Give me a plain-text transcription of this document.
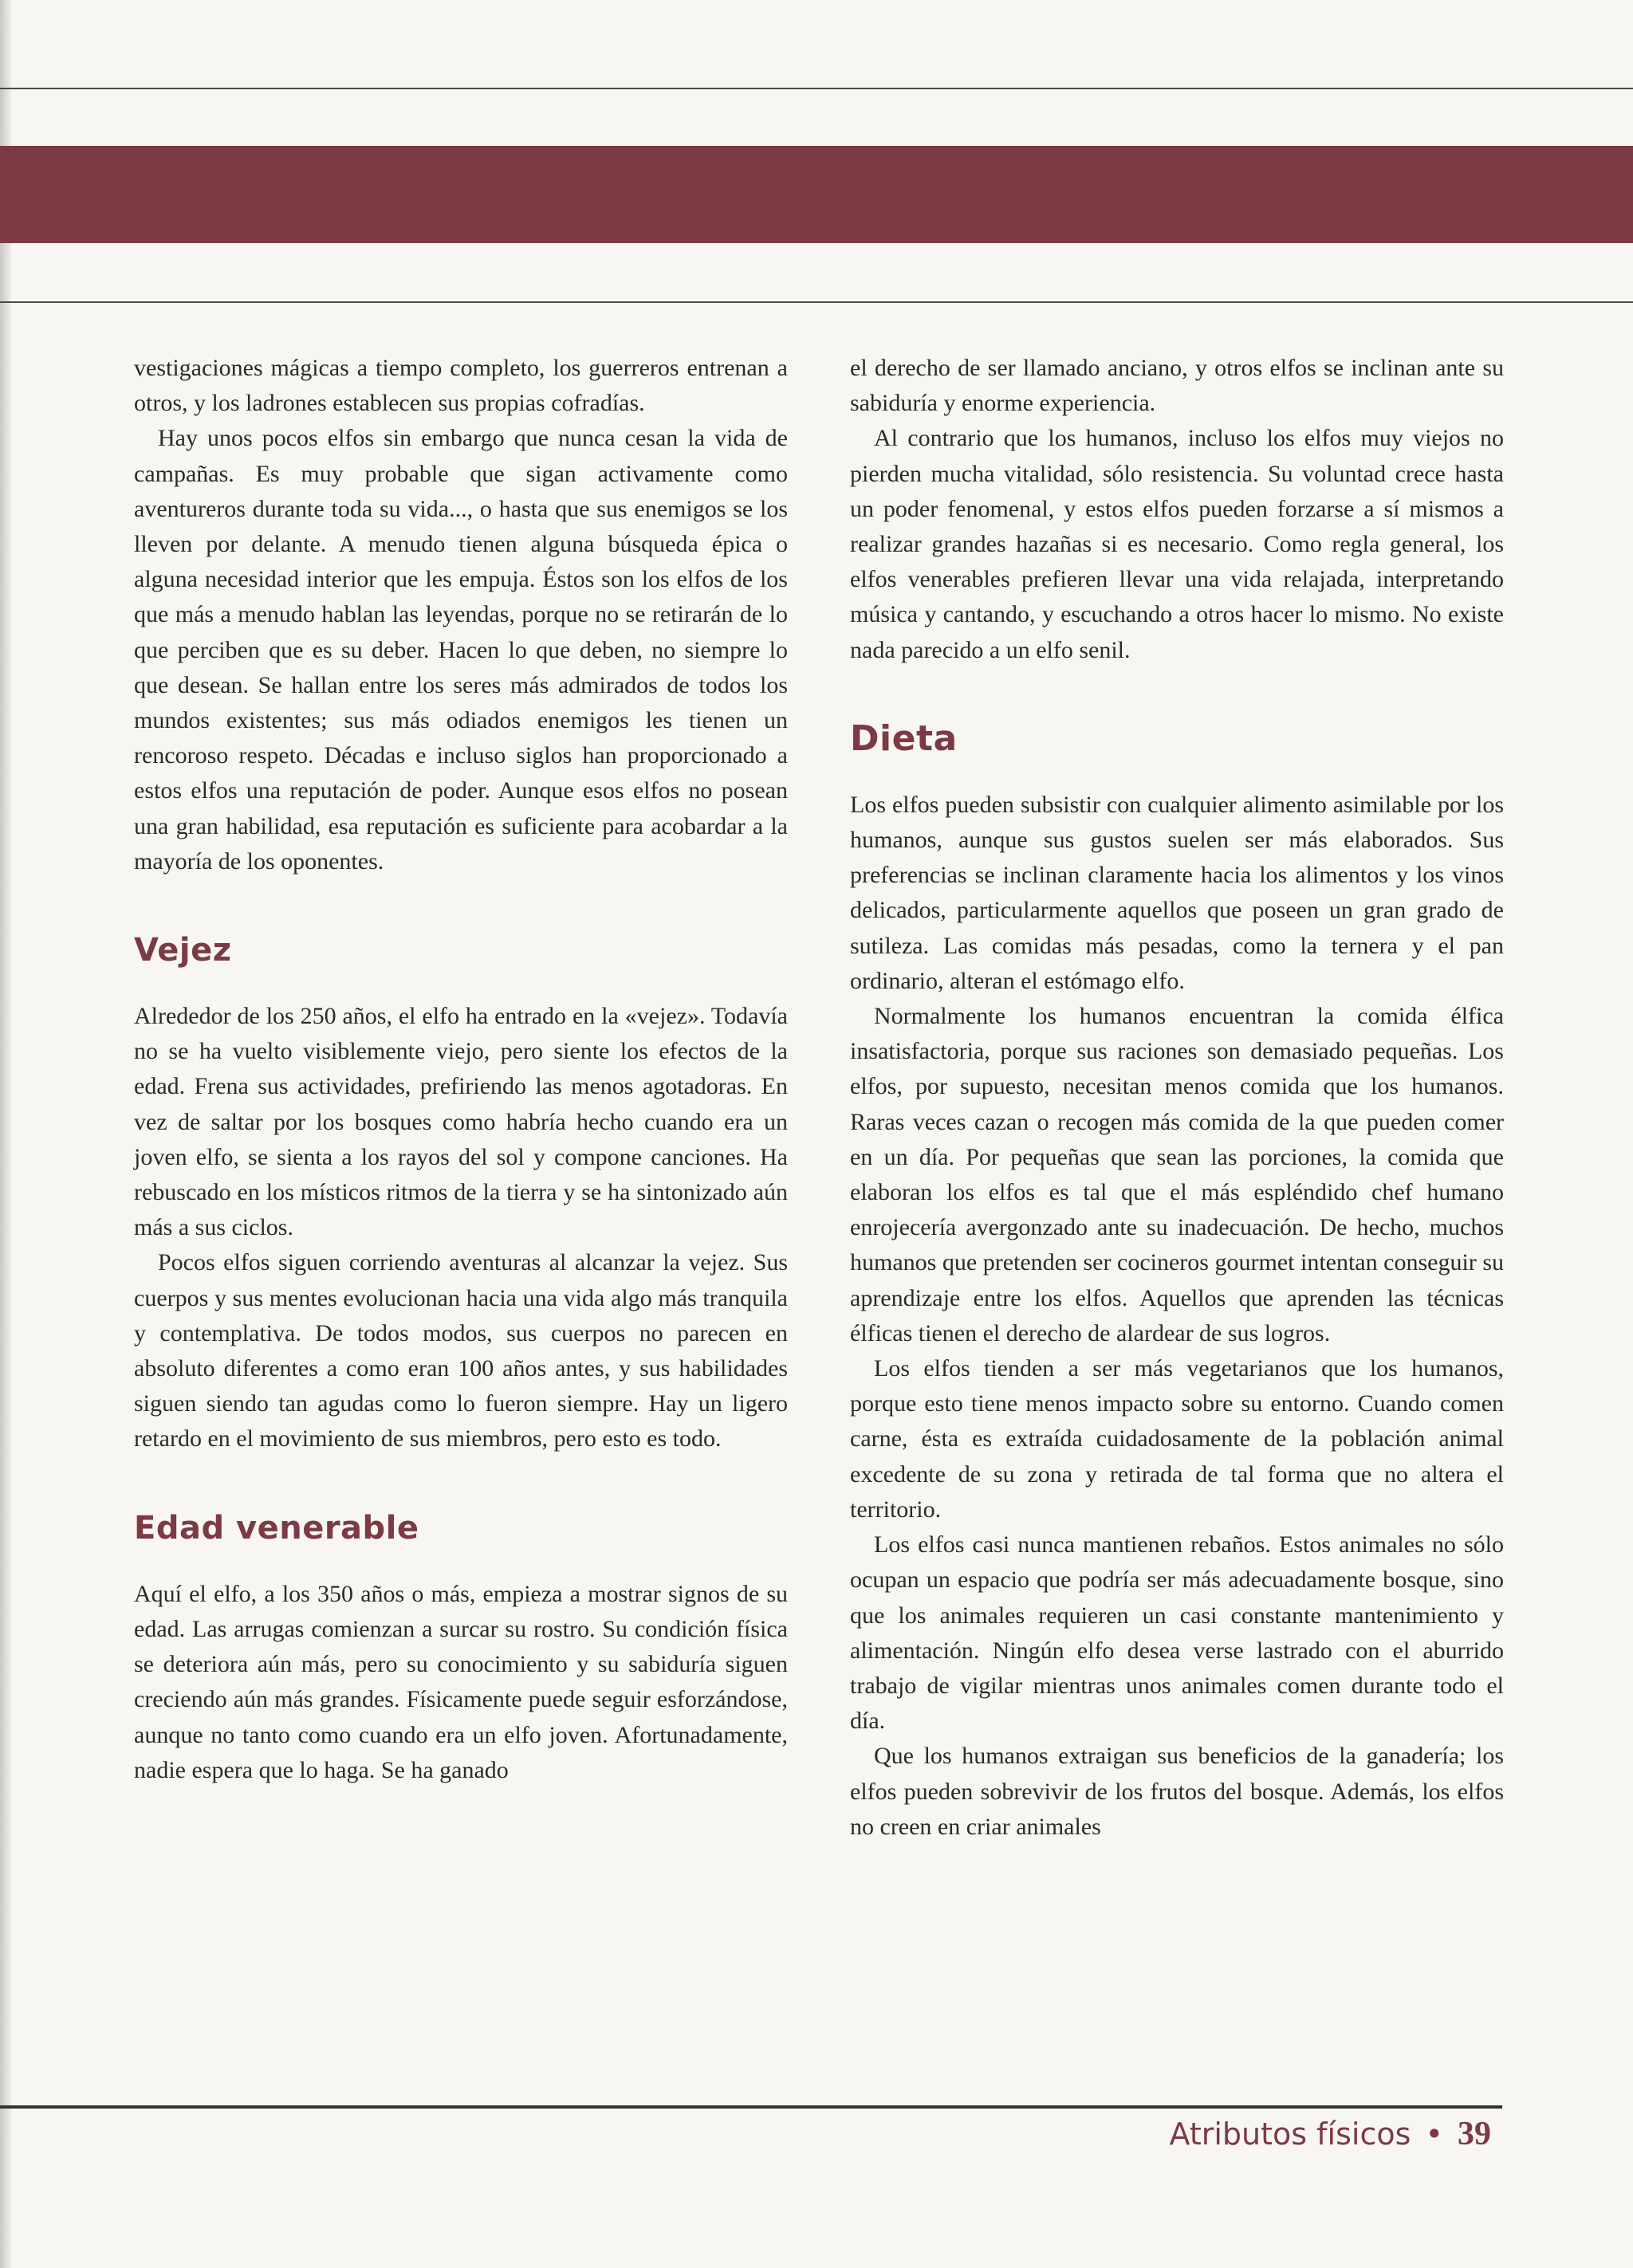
vestigaciones mágicas a tiempo completo, los guerreros entrenan a otros, y los ladrones establecen sus propias cofradías.

Hay unos pocos elfos sin embargo que nunca cesan la vida de campañas. Es muy probable que sigan activamente como aventureros durante toda su vida..., o hasta que sus enemigos se los lleven por delante. A menudo tienen alguna búsqueda épica o alguna necesidad interior que les empuja. Éstos son los elfos de los que más a menudo hablan las leyendas, porque no se retirarán de lo que perciben que es su deber. Hacen lo que deben, no siempre lo que desean. Se hallan entre los seres más admirados de todos los mundos existentes; sus más odiados enemigos les tienen un rencoroso respeto. Décadas e incluso siglos han proporcionado a estos elfos una reputación de poder. Aunque esos elfos no posean una gran habilidad, esa reputación es suficiente para acobardar a la mayoría de los oponentes.

Vejez

Alrededor de los 250 años, el elfo ha entrado en la «vejez». Todavía no se ha vuelto visiblemente viejo, pero siente los efectos de la edad. Frena sus actividades, prefiriendo las menos agotadoras. En vez de saltar por los bosques como habría hecho cuando era un joven elfo, se sienta a los rayos del sol y compone canciones. Ha rebuscado en los místicos ritmos de la tierra y se ha sintonizado aún más a sus ciclos.

Pocos elfos siguen corriendo aventuras al alcanzar la vejez. Sus cuerpos y sus mentes evolucionan hacia una vida algo más tranquila y contemplativa. De todos modos, sus cuerpos no parecen en absoluto diferentes a como eran 100 años antes, y sus habilidades siguen siendo tan agudas como lo fueron siempre. Hay un ligero retardo en el movimiento de sus miembros, pero esto es todo.

Edad venerable

Aquí el elfo, a los 350 años o más, empieza a mostrar signos de su edad. Las arrugas comienzan a surcar su rostro. Su condición física se deteriora aún más, pero su conocimiento y su sabiduría siguen creciendo aún más grandes. Físicamente puede seguir esforzándose, aunque no tanto como cuando era un elfo joven. Afortunadamente, nadie espera que lo haga. Se ha ganado

el derecho de ser llamado anciano, y otros elfos se inclinan ante su sabiduría y enorme experiencia.

Al contrario que los humanos, incluso los elfos muy viejos no pierden mucha vitalidad, sólo resistencia. Su voluntad crece hasta un poder fenomenal, y estos elfos pueden forzarse a sí mismos a realizar grandes hazañas si es necesario. Como regla general, los elfos venerables prefieren llevar una vida relajada, interpretando música y cantando, y escuchando a otros hacer lo mismo. No existe nada parecido a un elfo senil.

Dieta

Los elfos pueden subsistir con cualquier alimento asimilable por los humanos, aunque sus gustos suelen ser más elaborados. Sus preferencias se inclinan claramente hacia los alimentos y los vinos delicados, particularmente aquellos que poseen un gran grado de sutileza. Las comidas más pesadas, como la ternera y el pan ordinario, alteran el estómago elfo.

Normalmente los humanos encuentran la comida élfica insatisfactoria, porque sus raciones son demasiado pequeñas. Los elfos, por supuesto, necesitan menos comida que los humanos. Raras veces cazan o recogen más comida de la que pueden comer en un día. Por pequeñas que sean las porciones, la comida que elaboran los elfos es tal que el más espléndido chef humano enrojecería avergonzado ante su inadecuación. De hecho, muchos humanos que pretenden ser cocineros gourmet intentan conseguir su aprendizaje entre los elfos. Aquellos que aprenden las técnicas élficas tienen el derecho de alardear de sus logros.

Los elfos tienden a ser más vegetarianos que los humanos, porque esto tiene menos impacto sobre su entorno. Cuando comen carne, ésta es extraída cuidadosamente de la población animal excedente de su zona y retirada de tal forma que no altera el territorio.

Los elfos casi nunca mantienen rebaños. Estos animales no sólo ocupan un espacio que podría ser más adecuadamente bosque, sino que los animales requieren un casi constante mantenimiento y alimentación. Ningún elfo desea verse lastrado con el aburrido trabajo de vigilar mientras unos animales comen durante todo el día.

Que los humanos extraigan sus beneficios de la ganadería; los elfos pueden sobrevivir de los frutos del bosque. Además, los elfos no creen en criar animales

Atributos físicos • 39
